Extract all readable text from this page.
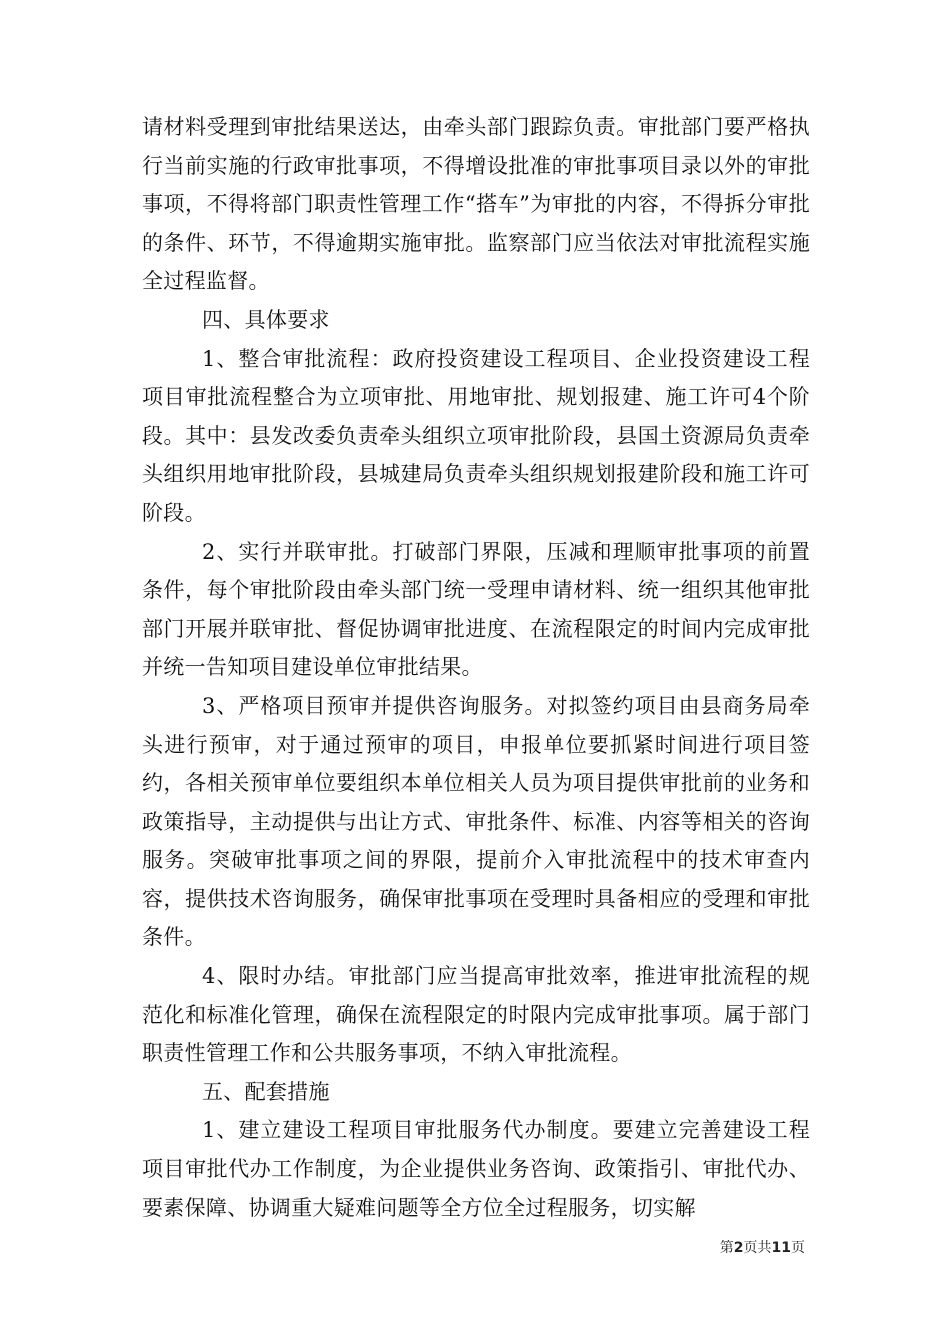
请材料受理到审批结果送达，由牵头部门跟踪负责。审批部门要严格执行当前实施的行政审批事项，不得增设批准的审批事项目录以外的审批事项，不得将部门职责性管理工作“搭车”为审批的内容，不得拆分审批的条件、环节，不得逾期实施审批。监察部门应当依法对审批流程实施全过程监督。

四、具体要求

1、整合审批流程：政府投资建设工程项目、企业投资建设工程项目审批流程整合为立项审批、用地审批、规划报建、施工许可4个阶段。其中：县发改委负责牵头组织立项审批阶段，县国土资源局负责牵头组织用地审批阶段，县城建局负责牵头组织规划报建阶段和施工许可阶段。

2、实行并联审批。打破部门界限，压减和理顺审批事项的前置条件，每个审批阶段由牵头部门统一受理申请材料、统一组织其他审批部门开展并联审批、督促协调审批进度、在流程限定的时间内完成审批并统一告知项目建设单位审批结果。

3、严格项目预审并提供咨询服务。对拟签约项目由县商务局牵头进行预审，对于通过预审的项目，申报单位要抓紧时间进行项目签约，各相关预审单位要组织本单位相关人员为项目提供审批前的业务和政策指导，主动提供与出让方式、审批条件、标准、内容等相关的咨询服务。突破审批事项之间的界限，提前介入审批流程中的技术审查内容，提供技术咨询服务，确保审批事项在受理时具备相应的受理和审批条件。

4、限时办结。审批部门应当提高审批效率，推进审批流程的规范化和标准化管理，确保在流程限定的时限内完成审批事项。属于部门职责性管理工作和公共服务事项，不纳入审批流程。

五、配套措施

1、建立建设工程项目审批服务代办制度。要建立完善建设工程项目审批代办工作制度，为企业提供业务咨询、政策指引、审批代办、要素保障、协调重大疑难问题等全方位全过程服务，切实解

第2页共11页
